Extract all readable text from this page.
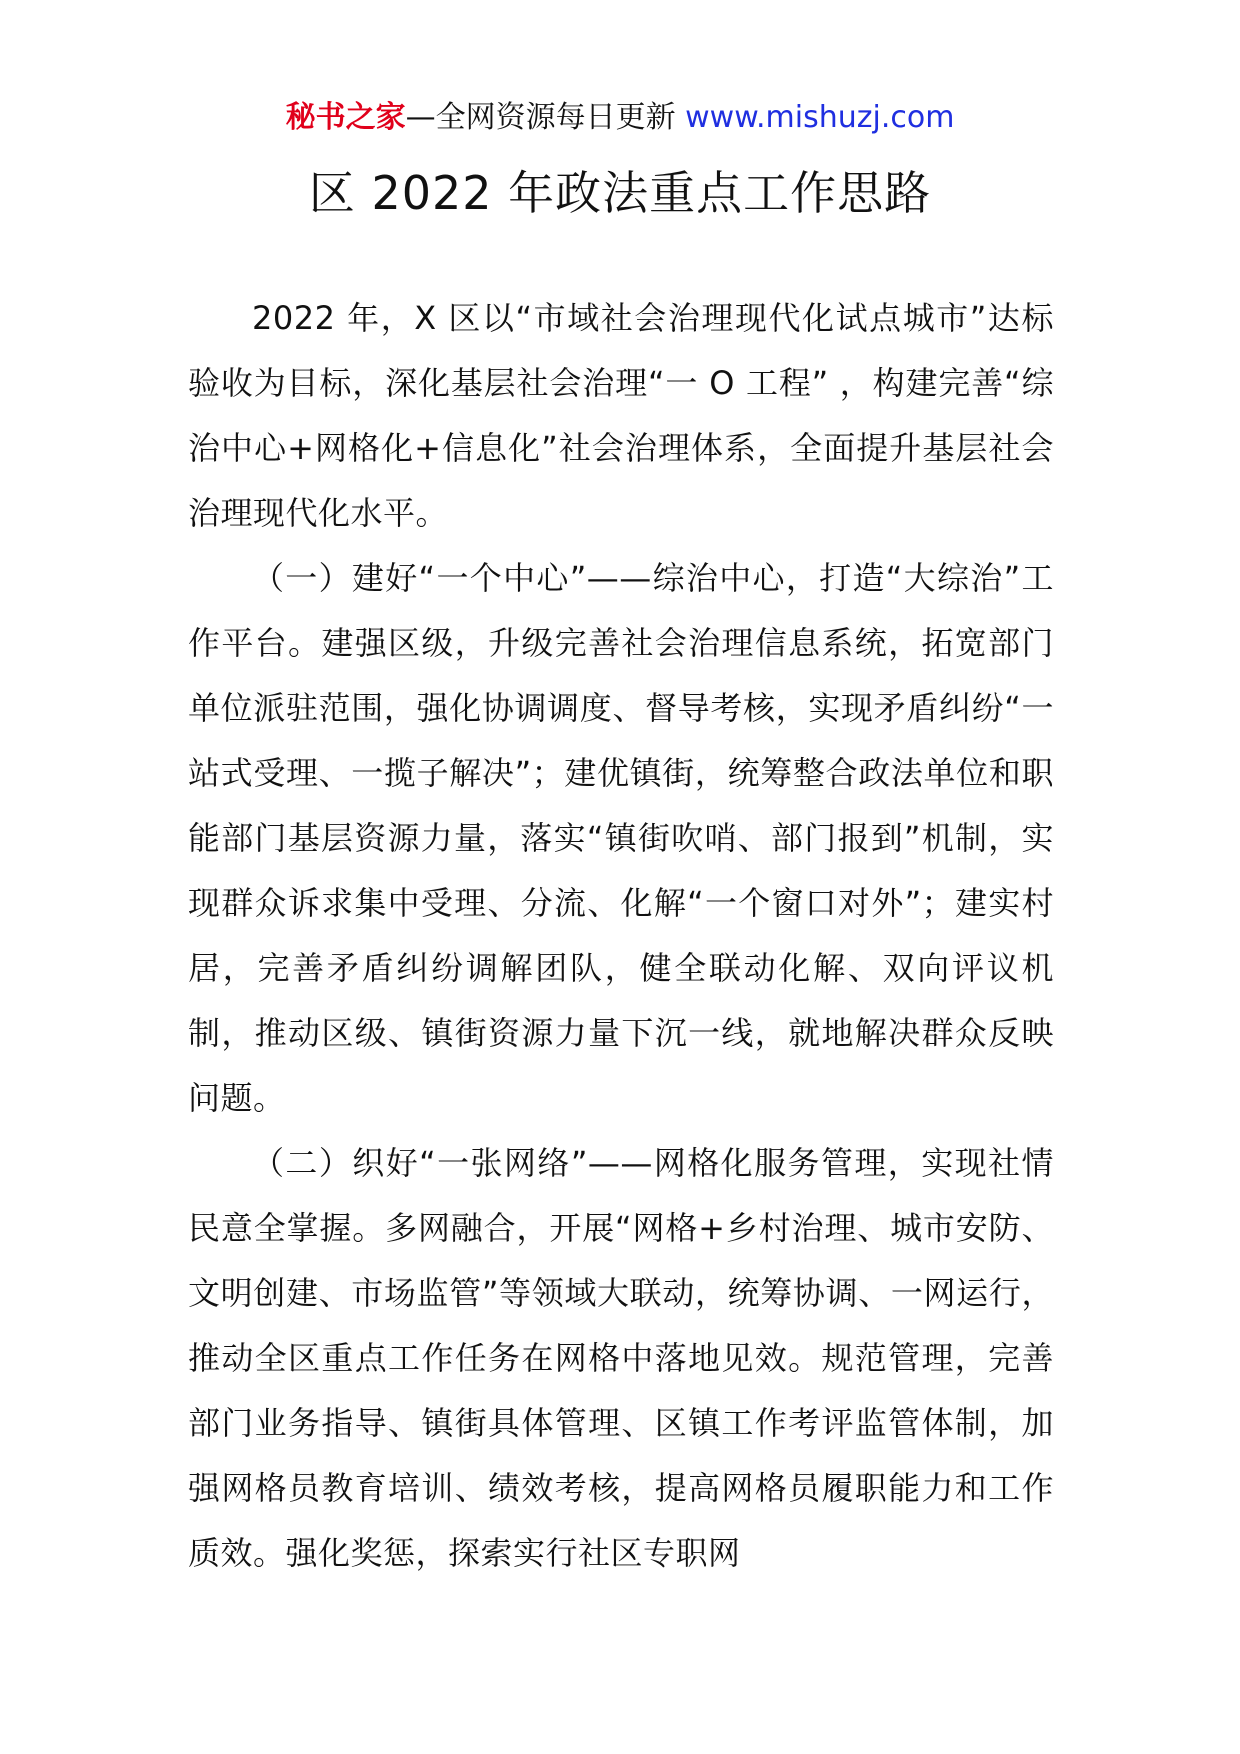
秘书之家—全网资源每日更新 www.mishuzj.com
区 2022 年政法重点工作思路

2022 年，X 区以“市域社会治理现代化试点城市”达标验收为目标，深化基层社会治理“一 O 工程” ，构建完善“综治中心+网格化+信息化”社会治理体系，全面提升基层社会治理现代化水平。

（一）建好“一个中心”——综治中心，打造“大综治”工作平台。建强区级，升级完善社会治理信息系统，拓宽部门单位派驻范围，强化协调调度、督导考核，实现矛盾纠纷“一站式受理、一揽子解决”；建优镇街，统筹整合政法单位和职能部门基层资源力量，落实“镇街吹哨、部门报到”机制，实现群众诉求集中受理、分流、化解“一个窗口对外”；建实村居，完善矛盾纠纷调解团队，健全联动化解、双向评议机制，推动区级、镇街资源力量下沉一线，就地解决群众反映问题。

（二）织好“一张网络”——网格化服务管理，实现社情民意全掌握。多网融合，开展“网格+乡村治理、城市安防、文明创建、市场监管”等领域大联动，统筹协调、一网运行，推动全区重点工作任务在网格中落地见效。规范管理，完善部门业务指导、镇街具体管理、区镇工作考评监管体制，加强网格员教育培训、绩效考核，提高网格员履职能力和工作质效。强化奖惩，探索实行社区专职网
